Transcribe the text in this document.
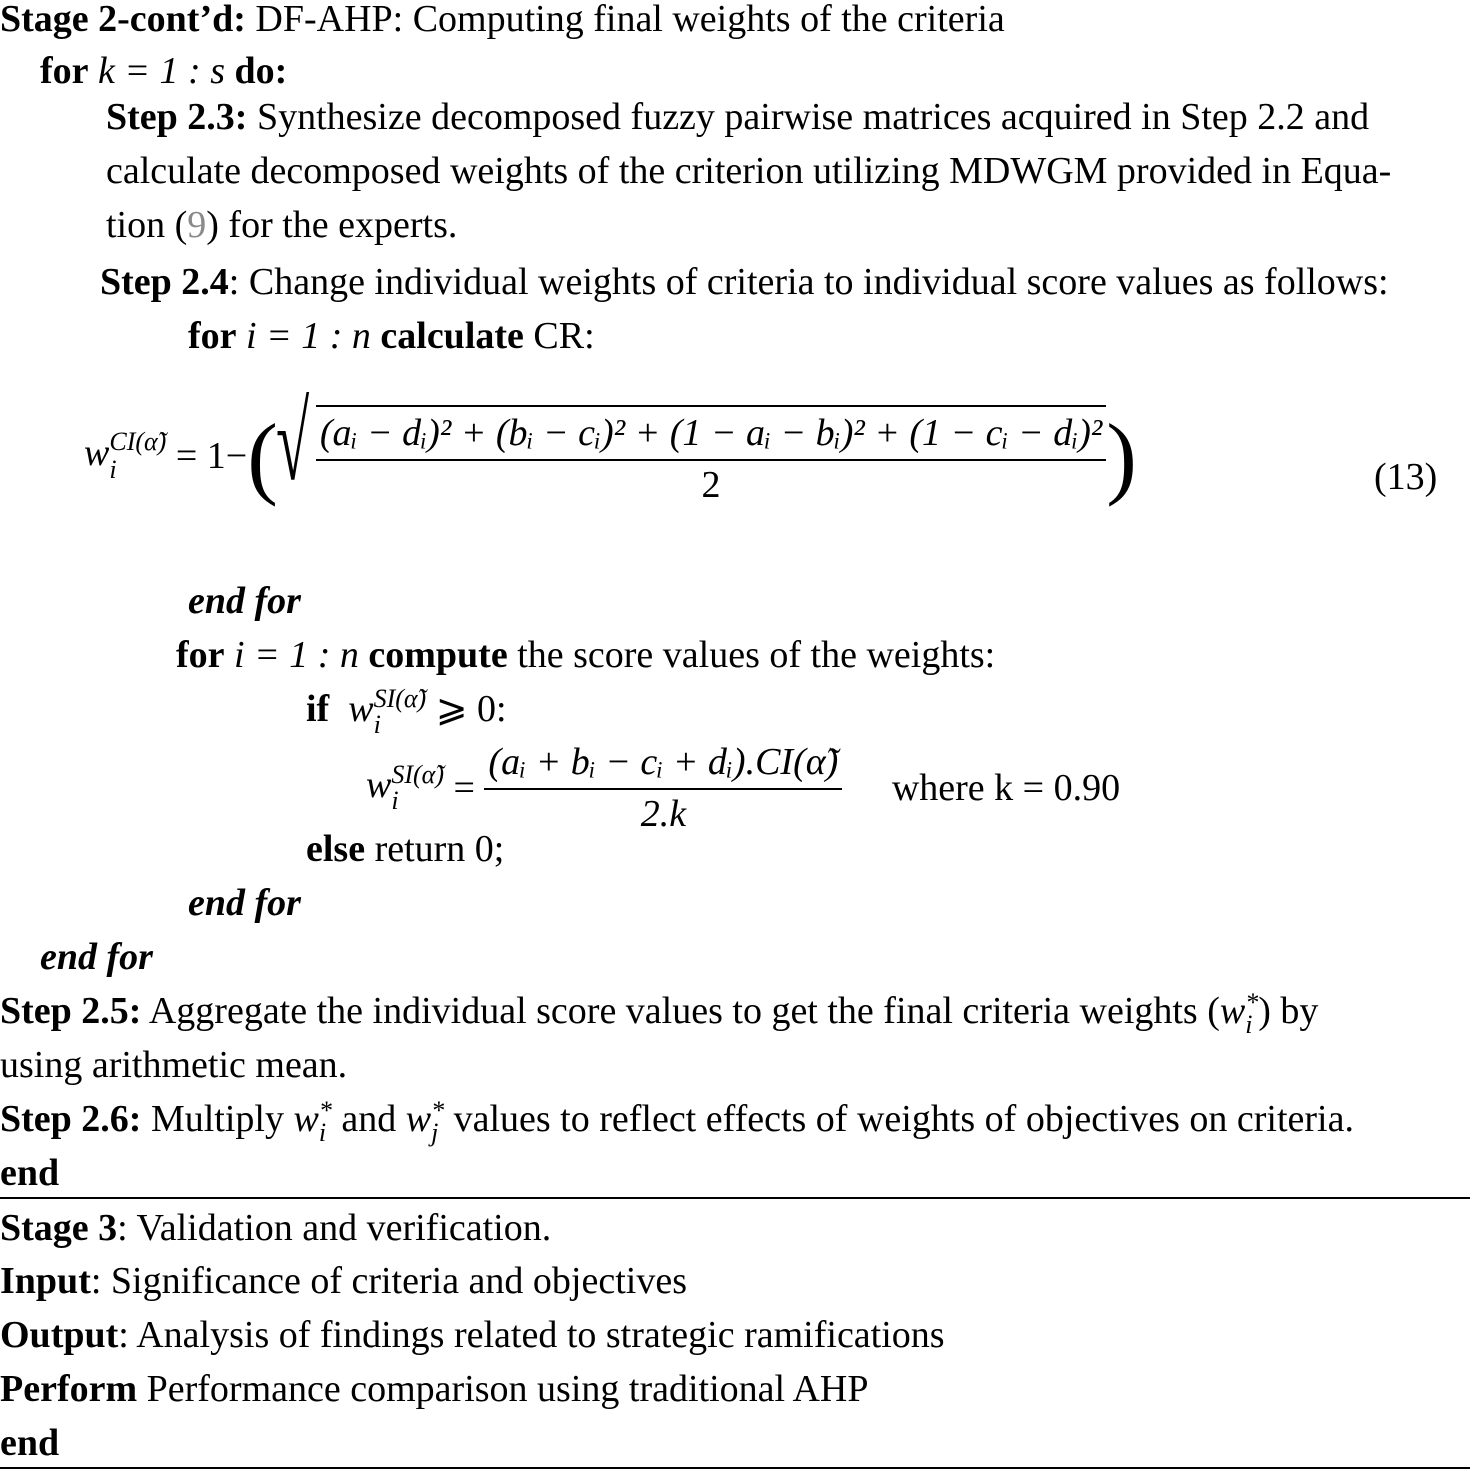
Stage 2-cont’d: DF-AHP: Computing final weights of the criteria
for k = 1 : s do:
Step 2.3: Synthesize decomposed fuzzy pairwise matrices acquired in Step 2.2 and
calculate decomposed weights of the criterion utilizing MDWGM provided in Equa-
tion (9) for the experts.
Step 2.4: Change individual weights of criteria to individual score values as follows:
for i = 1 : n calculate CR:
w CI(α̃)
i	= 1−(
√ $\frac{\text{(aᵢ − dᵢ)² + (bᵢ − cᵢ)² + (1 − aᵢ − bᵢ)² + (1 − cᵢ − dᵢ)²}}{2}$ )	(13)
end for
for i = 1 : n compute the score values of the weights:
if w SI(α̃)
i	⩾ 0:
w SI(α̃)
i	= $\frac{\text{(aᵢ + bᵢ − cᵢ + dᵢ).CI(α̃)}}{2.k}$ where k = 0.90
else return 0;
end for
end for
Step 2.5: Aggregate the individual score values to get the final criteria weights (w *
i ) by
using arithmetic mean.
Step 2.6: Multiply w *
i and w *
j values to reflect effects of weights of objectives on criteria.
end
Stage 3: Validation and verification.
Input: Significance of criteria and objectives
Output: Analysis of findings related to strategic ramifications
Perform Performance comparison using traditional AHP
end
